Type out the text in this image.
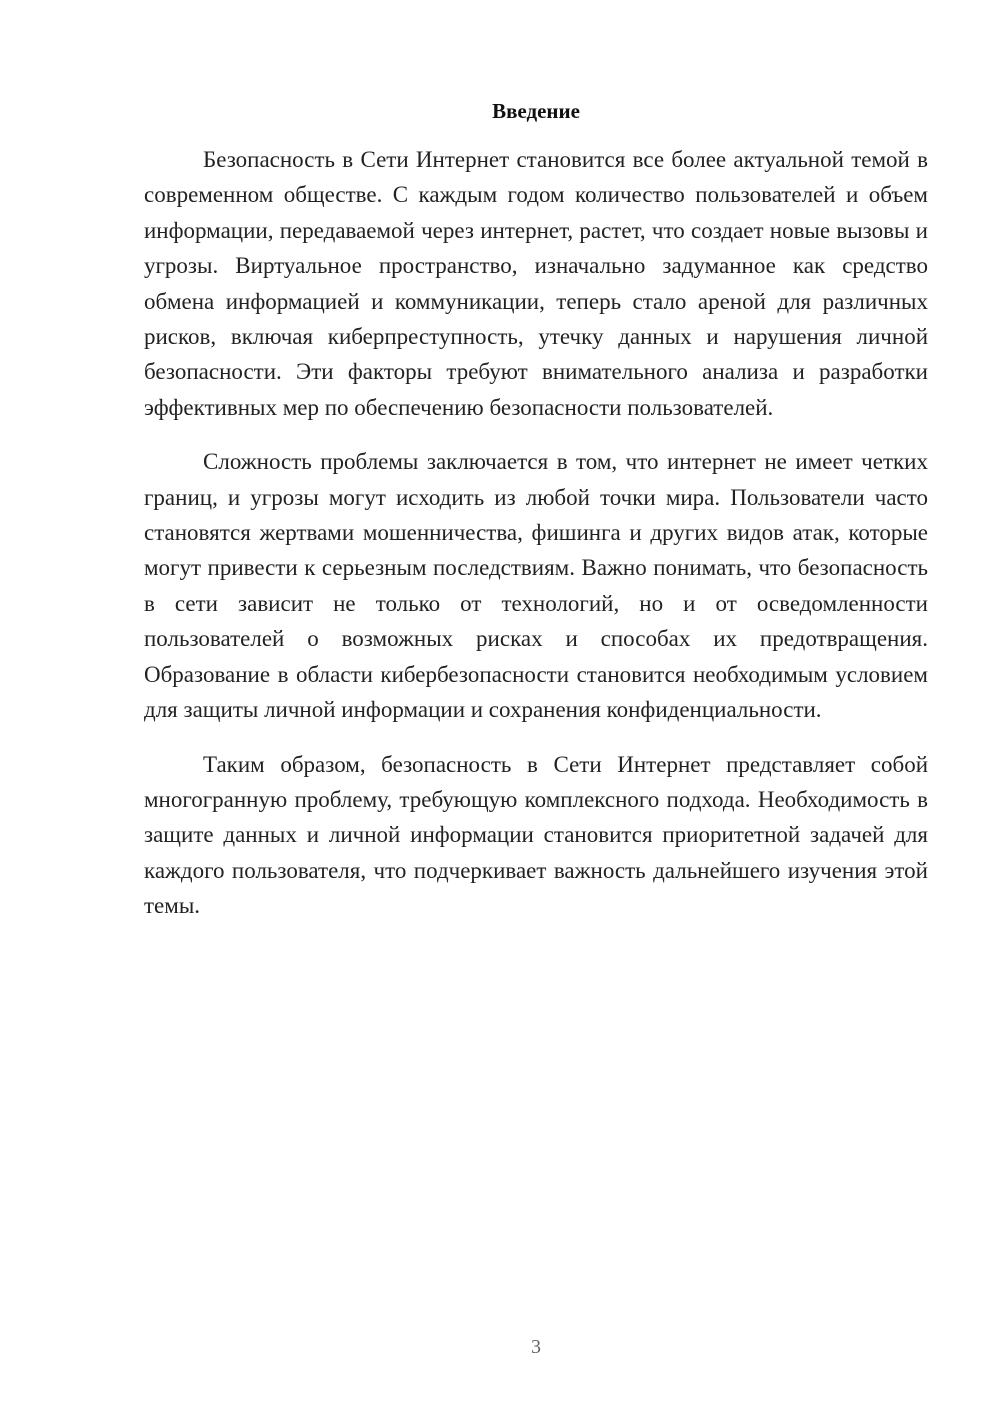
Введение

Безопасность в Сети Интернет становится все более актуальной темой в современном обществе. С каждым годом количество пользователей и объем информации, передаваемой через интернет, растет, что создает новые вызовы и угрозы. Виртуальное пространство, изначально задуманное как средство обмена информацией и коммуникации, теперь стало ареной для различных рисков, включая киберпреступность, утечку данных и нарушения личной безопасности. Эти факторы требуют внимательного анализа и разработки эффективных мер по обеспечению безопасности пользователей.

Сложность проблемы заключается в том, что интернет не имеет четких границ, и угрозы могут исходить из любой точки мира. Пользователи часто становятся жертвами мошенничества, фишинга и других видов атак, которые могут привести к серьезным последствиям. Важно понимать, что безопасность в сети зависит не только от технологий, но и от осведомленности пользователей о возможных рисках и способах их предотвращения. Образование в области кибербезопасности становится необходимым условием для защиты личной информации и сохранения конфиденциальности.

Таким образом, безопасность в Сети Интернет представляет собой многогранную проблему, требующую комплексного подхода. Необходимость в защите данных и личной информации становится приоритетной задачей для каждого пользователя, что подчеркивает важность дальнейшего изучения этой темы.

3
